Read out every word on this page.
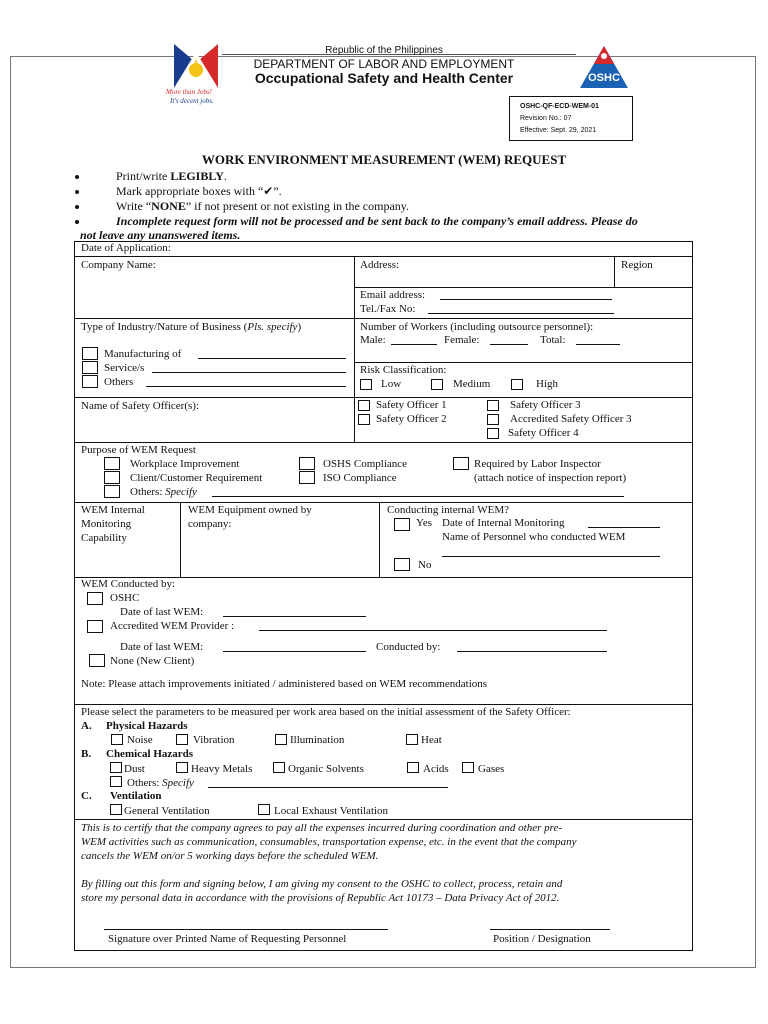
Republic of the Philippines
DEPARTMENT OF LABOR AND EMPLOYMENT
Occupational Safety and Health Center
More than Jobs!
It's decent jobs.
OSHC
OSHC-QF-ECD-WEM-01
Revision No.: 07
Effective: Sept. 29, 2021
WORK ENVIRONMENT MEASUREMENT (WEM) REQUEST
Print/write LEGIBLY.
Mark appropriate boxes with “✔”.
Write “NONE” if not present or not existing in the company.
Incomplete request form will not be processed and be sent back to the company’s email address. Please do
not leave any unanswered items.
Date of Application:
Company Name:	Address:	Region
Email address:
Tel./Fax No:
Type of Industry/Nature of Business (Pls. specify)
Manufacturing of
Service/s
Others
Number of Workers (including outsource personnel):
Male:	Female:	Total:
Risk Classification:
Low	Medium	High
Name of Safety Officer(s):	Safety Officer 1
Safety Officer 2
Safety Officer 3
Accredited Safety Officer 3
Safety Officer 4
Purpose of WEM Request
Workplace Improvement
Client/Customer Requirement
Others: Specify
OSHS Compliance
ISO Compliance
Required by Labor Inspector
(attach notice of inspection report)
WEM Internal
Monitoring
Capability
WEM Equipment owned by
company:
Conducting internal WEM?
Yes Date of Internal Monitoring
Name of Personnel who conducted WEM
No
WEM Conducted by:
OSHC
Date of last WEM:
Accredited WEM Provider :
Date of last WEM:	Conducted by:
None (New Client)
Note: Please attach improvements initiated / administered based on WEM recommendations
Please select the parameters to be measured per work area based on the initial assessment of the Safety Officer:
A. Physical Hazards
Noise	Vibration	Illumination	Heat
B. Chemical Hazards
Dust	Heavy Metals	Organic Solvents	Acids	Gases
Others: Specify
C. Ventilation
General Ventilation	Local Exhaust Ventilation
This is to certify that the company agrees to pay all the expenses incurred during coordination and other pre-
WEM activities such as communication, consumables, transportation expense, etc. in the event that the company
cancels the WEM on/or 5 working days before the scheduled WEM.
By filling out this form and signing below, I am giving my consent to the OSHC to collect, process, retain and
store my personal data in accordance with the provisions of Republic Act 10173 – Data Privacy Act of 2012.
Signature over Printed Name of Requesting Personnel	Position / Designation
